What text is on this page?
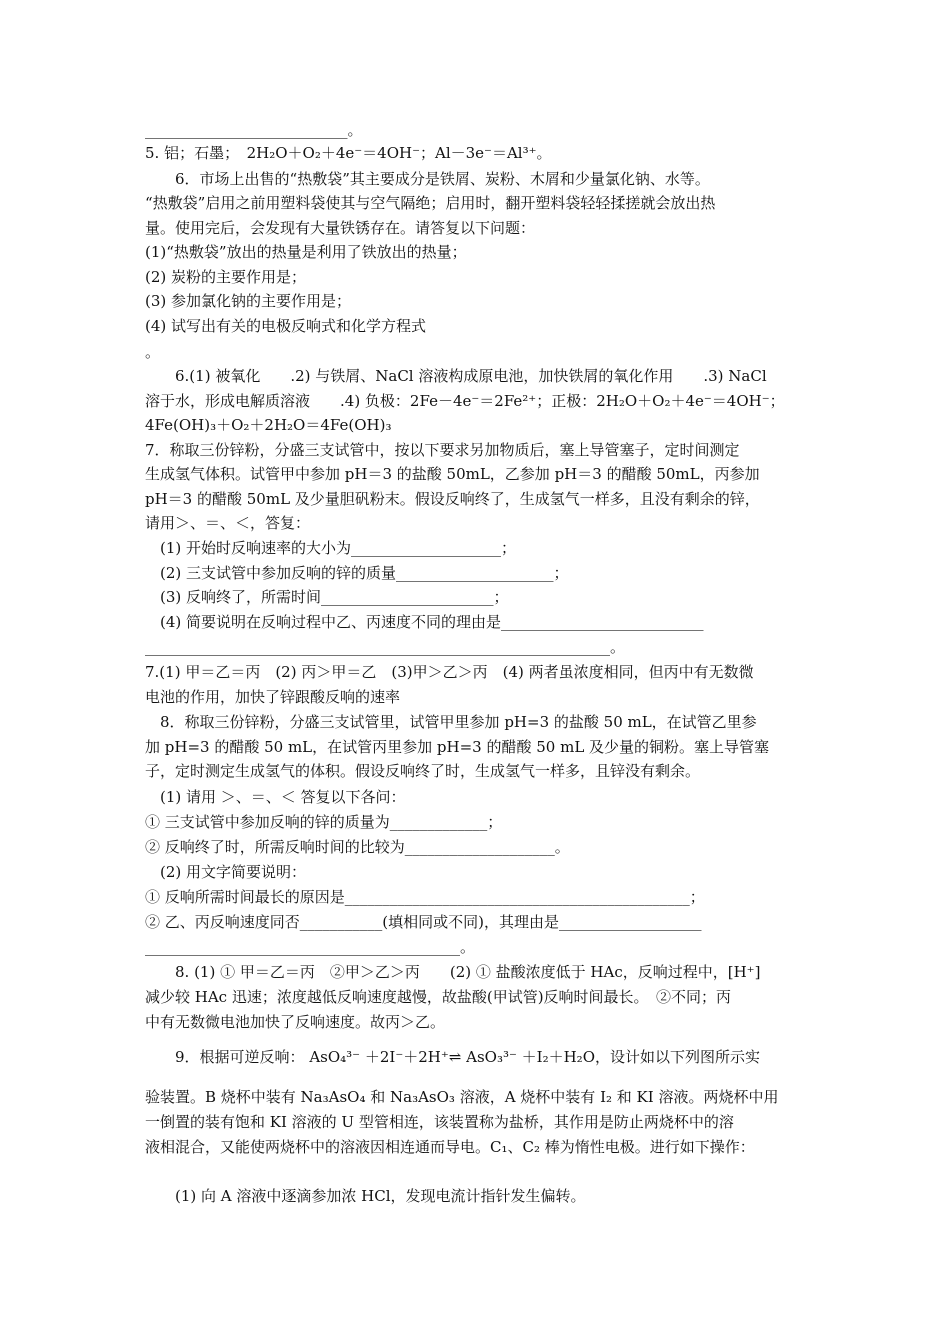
___________________________。
5. 铝；石墨；　2H₂O＋O₂＋4e⁻＝4OH⁻；Al－3e⁻＝Al³⁺。
　　6．市场上出售的“热敷袋”其主要成分是铁屑、炭粉、木屑和少量氯化钠、水等。
“热敷袋”启用之前用塑料袋使其与空气隔绝；启用时，翻开塑料袋轻轻揉搓就会放出热
量。使用完后，会发现有大量铁锈存在。请答复以下问题：
(1)“热敷袋”放出的热量是利用了铁放出的热量；
(2) 炭粉的主要作用是；
(3) 参加氯化钠的主要作用是；
(4) 试写出有关的电极反响式和化学方程式
。
　　6.(1) 被氧化　　.2) 与铁屑、NaCl 溶液构成原电池，加快铁屑的氧化作用　　.3) NaCl
溶于水，形成电解质溶液　　.4) 负极：2Fe－4e⁻＝2Fe²⁺；正极：2H₂O＋O₂＋4e⁻＝4OH⁻；
4Fe(OH)₃＋O₂＋2H₂O＝4Fe(OH)₃
7．称取三份锌粉，分盛三支试管中，按以下要求另加物质后，塞上导管塞子，定时间测定
生成氢气体积。试管甲中参加 pH＝3 的盐酸 50mL，乙参加 pH＝3 的醋酸 50mL，丙参加
pH＝3 的醋酸 50mL 及少量胆矾粉末。假设反响终了，生成氢气一样多，且没有剩余的锌，
请用＞、＝、＜，答复：
　(1) 开始时反响速率的大小为____________________；
　(2) 三支试管中参加反响的锌的质量_____________________；
　(3) 反响终了，所需时间_______________________；
　(4) 简要说明在反响过程中乙、丙速度不同的理由是___________________________
______________________________________________________________。
7.(1) 甲＝乙＝丙　(2) 丙＞甲＝乙　(3)甲＞乙＞丙　(4) 两者虽浓度相同，但丙中有无数微
电池的作用，加快了锌跟酸反响的速率
　8．称取三份锌粉，分盛三支试管里，试管甲里参加 pH=3 的盐酸 50 mL，在试管乙里参
加 pH=3 的醋酸 50 mL，在试管丙里参加 pH=3 的醋酸 50 mL 及少量的铜粉。塞上导管塞
子，定时测定生成氢气的体积。假设反响终了时，生成氢气一样多，且锌没有剩余。
　(1) 请用 ＞、＝、＜ 答复以下各问：
① 三支试管中参加反响的锌的质量为_____________；
② 反响终了时，所需反响时间的比较为____________________。
　(2) 用文字简要说明：
① 反响所需时间最长的原因是______________________________________________；
② 乙、丙反响速度同否___________(填相同或不同)，其理由是___________________
__________________________________________。
　　8. (1) ① 甲＝乙＝丙　②甲＞乙＞丙　　(2) ① 盐酸浓度低于 HAc，反响过程中，[H⁺]
减少较 HAc 迅速；浓度越低反响速度越慢，故盐酸(甲试管)反响时间最长。　②不同；丙
中有无数微电池加快了反响速度。故丙＞乙。
　　9．根据可逆反响： AsO₄³⁻ ＋2I⁻＋2H⁺⇌ AsO₃³⁻ ＋I₂＋H₂O，设计如以下列图所示实
验装置。B 烧杯中装有 Na₃AsO₄ 和 Na₃AsO₃ 溶液，A 烧杯中装有 I₂ 和 KI 溶液。两烧杯中用
一倒置的装有饱和 KI 溶液的 U 型管相连，该装置称为盐桥，其作用是防止两烧杯中的溶
液相混合，又能使两烧杯中的溶液因相连通而导电。C₁、C₂ 棒为惰性电极。进行如下操作：
　　(1) 向 A 溶液中逐滴参加浓 HCl，发现电流计指针发生偏转。
